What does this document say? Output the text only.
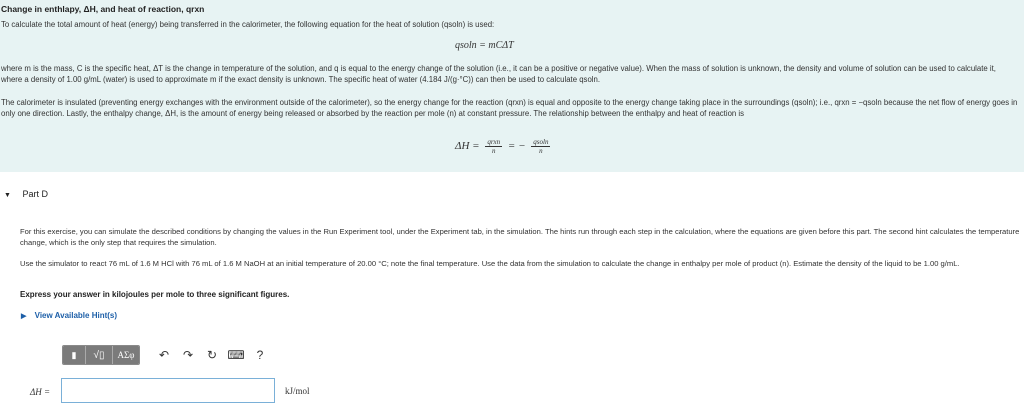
Change in enthlapy, ΔH, and heat of reaction, qrxn
To calculate the total amount of heat (energy) being transferred in the calorimeter, the following equation for the heat of solution (qsoln) is used:
qsoln = mCΔT
where m is the mass, C is the specific heat, ΔT is the change in temperature of the solution, and q is equal to the energy change of the solution (i.e., it can be a positive or negative value). When the mass of solution is unknown, the density and volume of solution can be used to calculate it, where a density of 1.00 g/mL (water) is used to approximate m if the exact density is unknown. The specific heat of water (4.184 J/(g·°C)) can then be used to calculate qsoln.
The calorimeter is insulated (preventing energy exchanges with the environment outside of the calorimeter), so the energy change for the reaction (qrxn) is equal and opposite to the energy change taking place in the surroundings (qsoln); i.e., qrxn = −qsoln because the net flow of energy goes in only one direction. Lastly, the enthalpy change, ΔH, is the amount of energy being released or absorbed by the reaction per mole (n) at constant pressure. The relationship between the enthalpy and heat of reaction is
$\Delta H = \frac{\text{qrxn}}{n}$ = − $\frac{\text{qsoln}}{n}$
▼ Part D
For this exercise, you can simulate the described conditions by changing the values in the Run Experiment tool, under the Experiment tab, in the simulation. The hints run through each step in the calculation, where the equations are given before this part. The second hint calculates the temperature change, which is the only step that requires the simulation.
Use the simulator to react 76 mL of 1.6 M HCl with 76 mL of 1.6 M NaOH at an initial temperature of 20.00 °C; note the final temperature. Use the data from the simulation to calculate the change in enthalpy per mole of product (n). Estimate the density of the liquid to be 1.00 g/mL.
Express your answer in kilojoules per mole to three significant figures.
▶ View Available Hint(s)
▮	√▯	ΑΣφ	↶	↷	↻ ⌨	?
ΔH =	kJ/mol
